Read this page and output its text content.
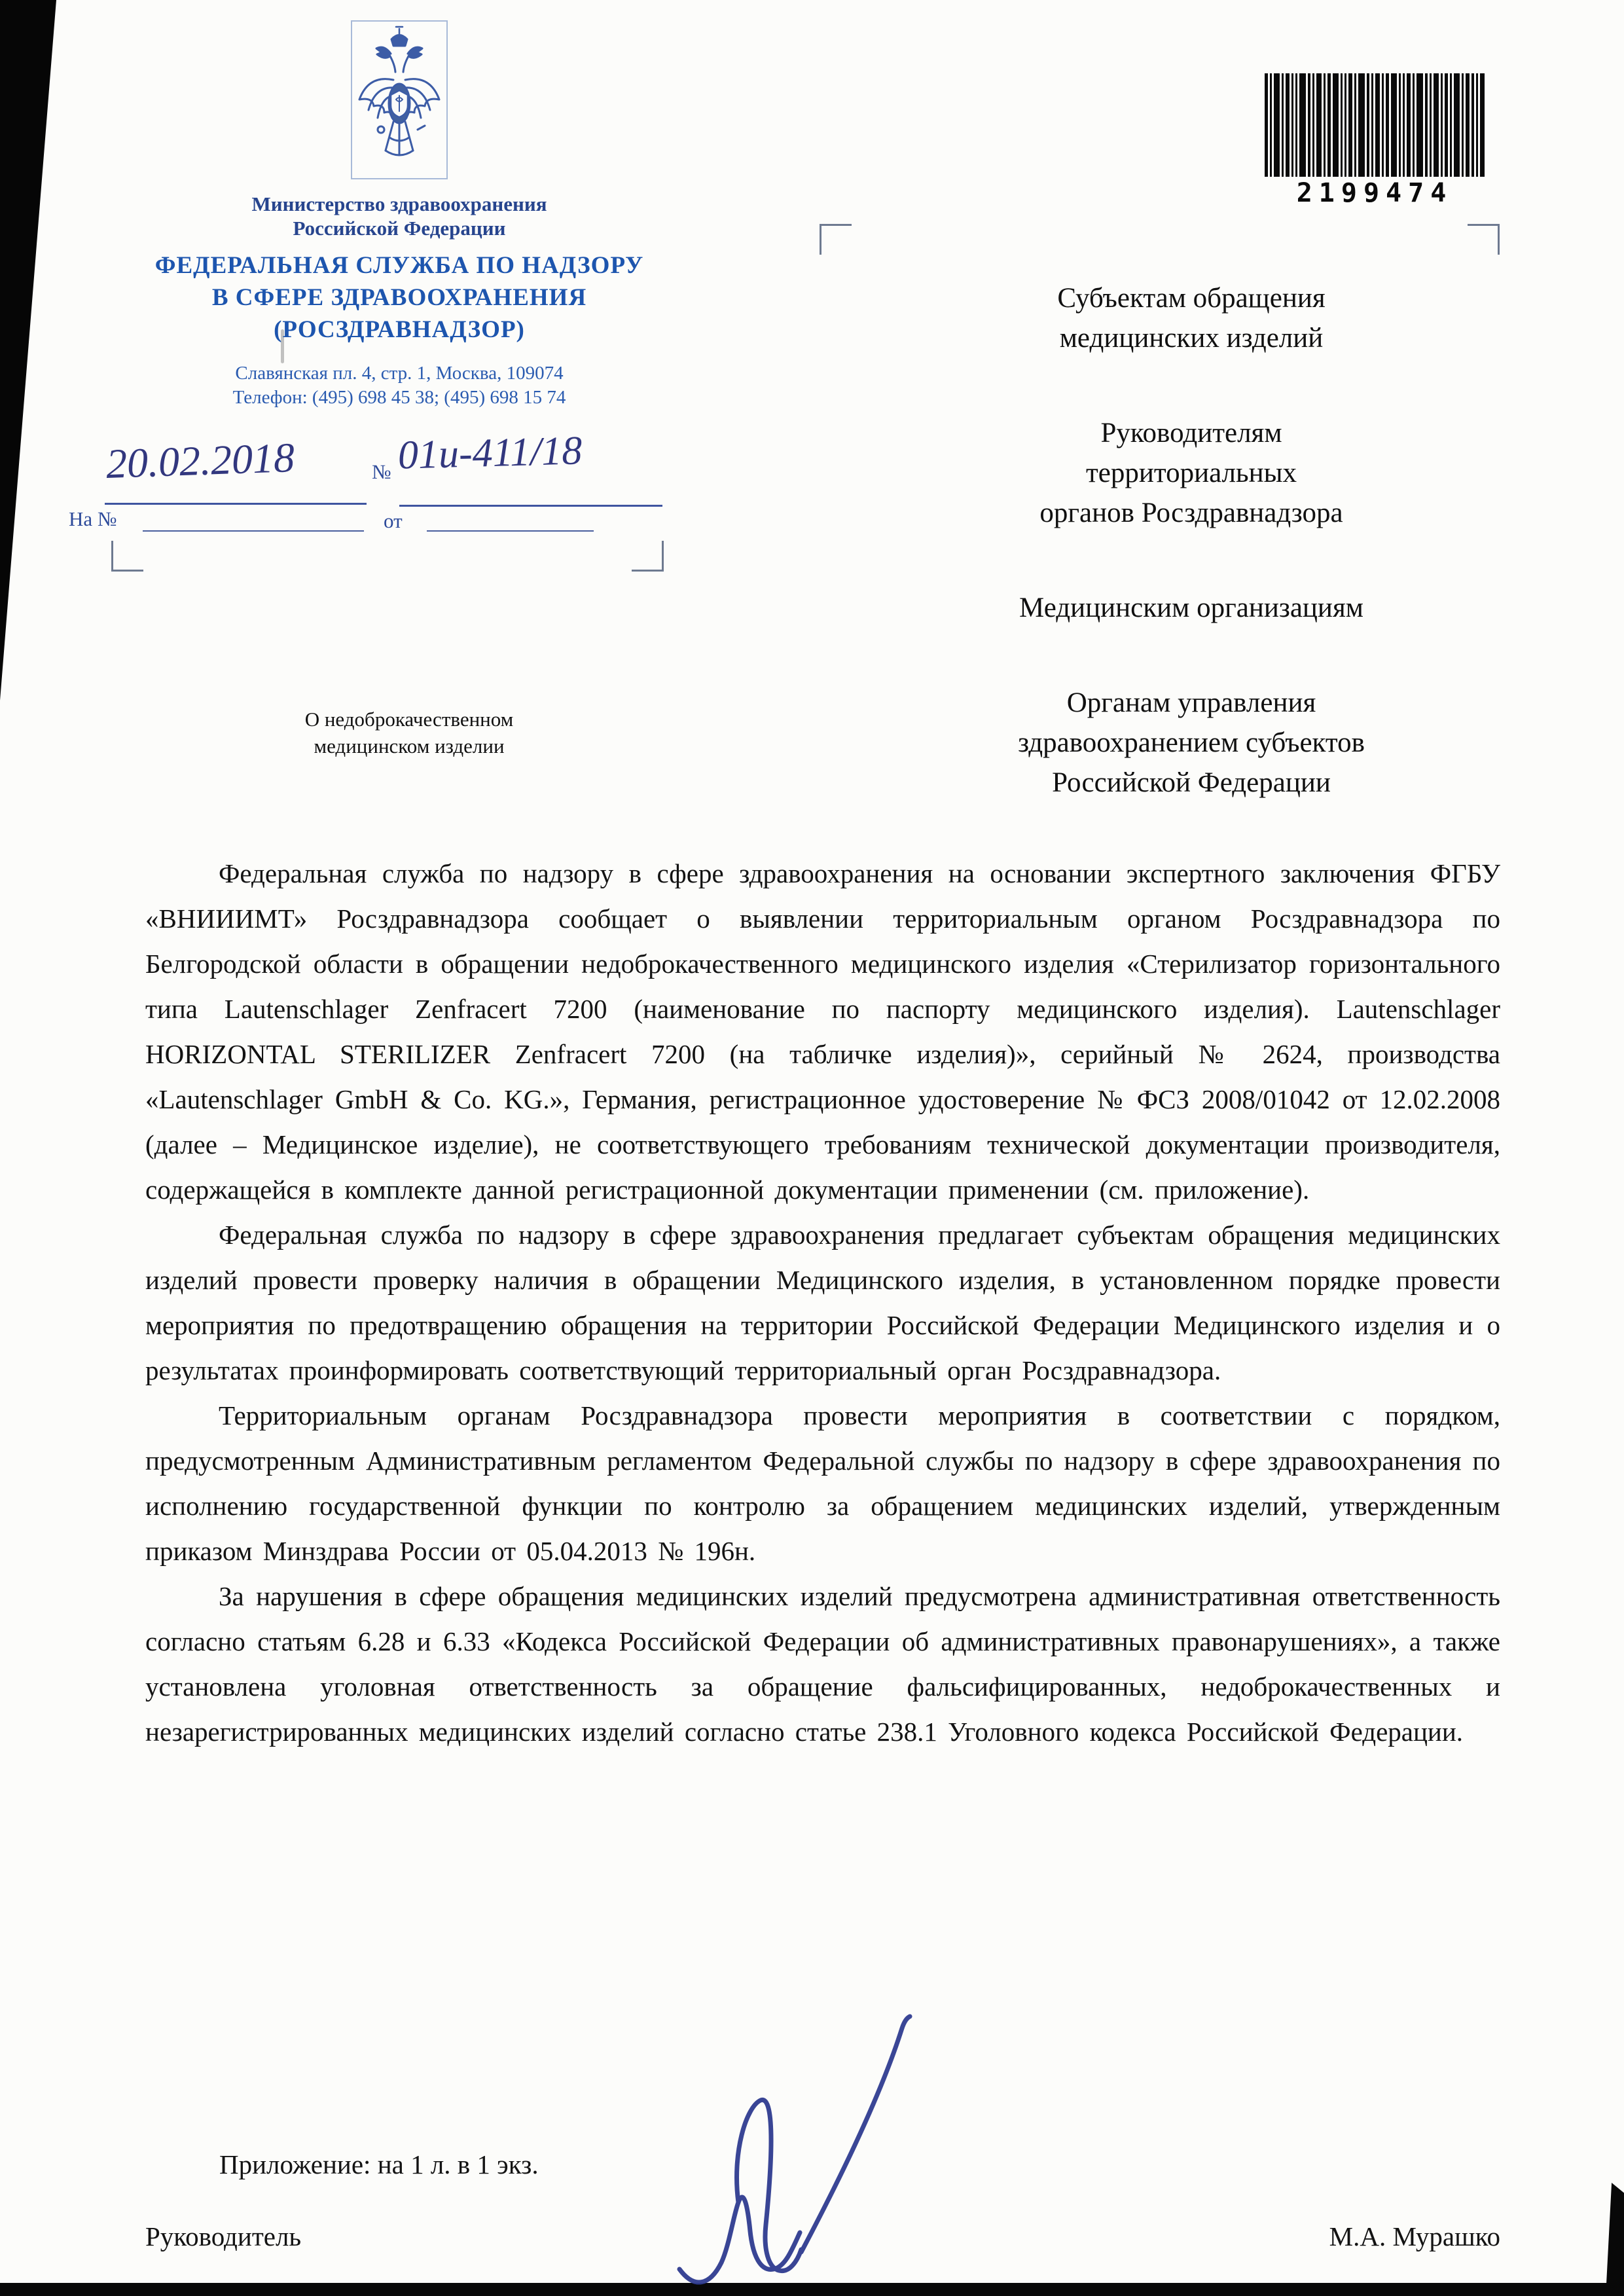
Министерство здравоохранения
Российской Федерации
ФЕДЕРАЛЬНАЯ СЛУЖБА ПО НАДЗОРУ
В СФЕРЕ ЗДРАВООХРАНЕНИЯ
(РОСЗДРАВНАДЗОР)
Славянская пл. 4, стр. 1, Москва, 109074
Телефон: (495) 698 45 38; (495) 698 15 74
20.02.2018	№ 01и-411/18
На №	от
2199474
Субъектам обращения
медицинских изделий
Руководителям
территориальных
органов Росздравнадзора
Медицинским организациям
Органам управления
здравоохранением субъектов
Российской Федерации
О недоброкачественном
медицинском изделии

Федеральная служба по надзору в сфере здравоохранения на основании экспертного заключения ФГБУ «ВНИИИМТ» Росздравнадзора сообщает о выявлении территориальным органом Росздравнадзора по Белгородской области в обращении недоброкачественного медицинского изделия «Стерилизатор горизонтального типа Lautenschlager Zenfracert 7200 (наименование по паспорту медицинского изделия). Lautenschlager HORIZONTAL STERILIZER Zenfracert 7200 (на табличке изделия)», серийный № 2624, производства «Lautenschlager GmbH & Co. KG.», Германия, регистрационное удостоверение № ФСЗ 2008/01042 от 12.02.2008 (далее – Медицинское изделие), не соответствующего требованиям технической документации производителя, содержащейся в комплекте данной регистрационной документации применении (см. приложение).

Федеральная служба по надзору в сфере здравоохранения предлагает субъектам обращения медицинских изделий провести проверку наличия в обращении Медицинского изделия, в установленном порядке провести мероприятия по предотвращению обращения на территории Российской Федерации Медицинского изделия и о результатах проинформировать соответствующий территориальный орган Росздравнадзора.

Территориальным органам Росздравнадзора провести мероприятия в соответствии с порядком, предусмотренным Административным регламентом Федеральной службы по надзору в сфере здравоохранения по исполнению государственной функции по контролю за обращением медицинских изделий, утвержденным приказом Минздрава России от 05.04.2013 № 196н.

За нарушения в сфере обращения медицинских изделий предусмотрена административная ответственность согласно статьям 6.28 и 6.33 «Кодекса Российской Федерации об административных правонарушениях», а также установлена уголовная ответственность за обращение фальсифицированных, недоброкачественных и незарегистрированных медицинских изделий согласно статье 238.1 Уголовного кодекса Российской Федерации.

Приложение: на 1 л. в 1 экз.
Руководитель	М.А. Мурашко
